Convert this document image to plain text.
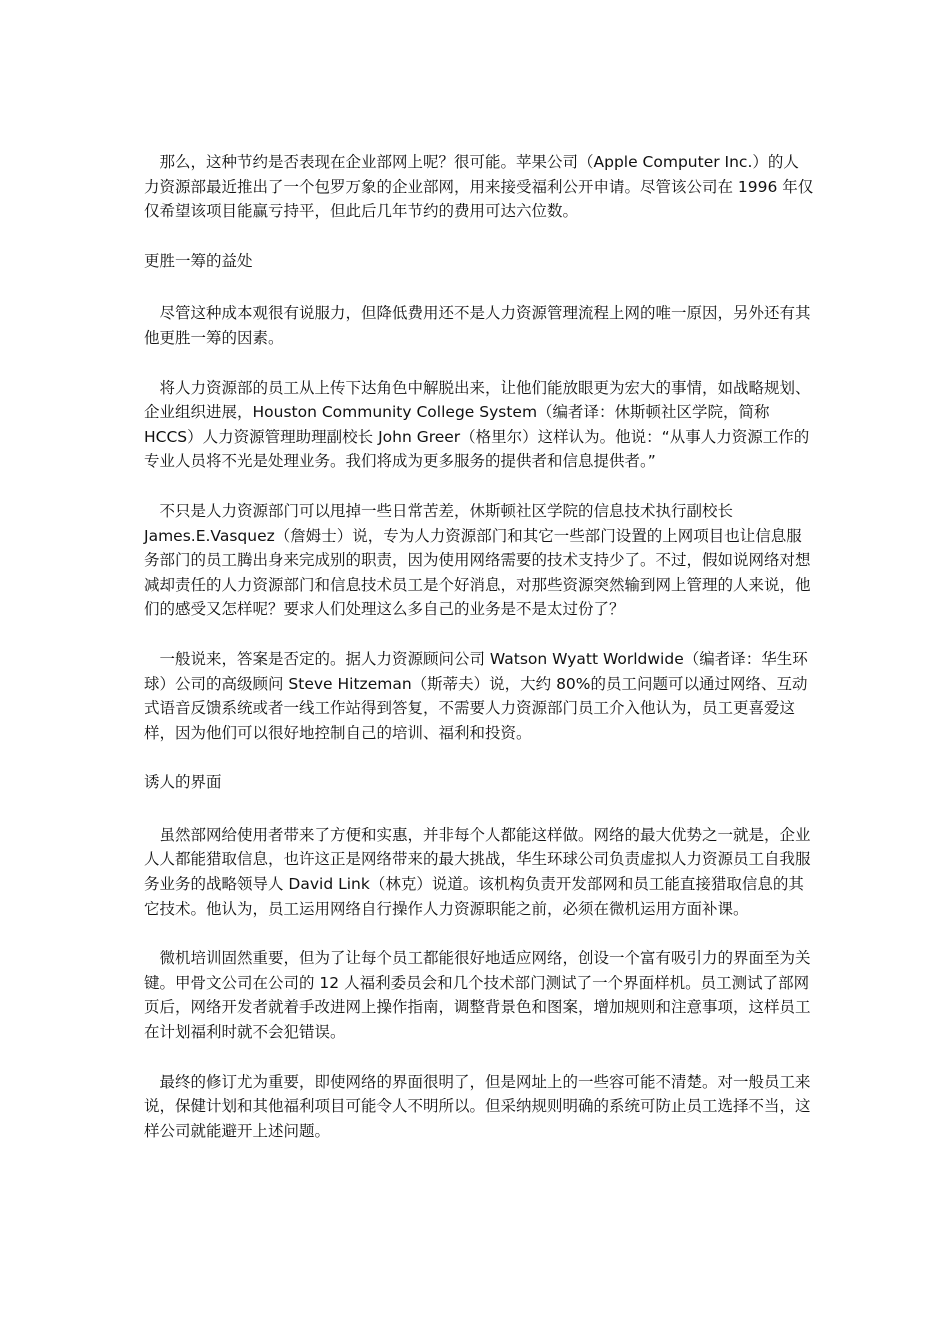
　那么，这种节约是否表现在企业部网上呢？很可能。苹果公司（Apple Computer Inc.）的人力资源部最近推出了一个包罗万象的企业部网，用来接受福利公开申请。尽管该公司在 1996 年仅仅希望该项目能赢亏持平，但此后几年节约的费用可达六位数。

更胜一筹的益处

　尽管这种成本观很有说服力，但降低费用还不是人力资源管理流程上网的唯一原因，另外还有其他更胜一筹的因素。

　将人力资源部的员工从上传下达角色中解脱出来，让他们能放眼更为宏大的事情，如战略规划、企业组织进展，Houston Community College System（编者译：休斯顿社区学院，简称 HCCS）人力资源管理助理副校长 John Greer（格里尔）这样认为。他说：“从事人力资源工作的专业人员将不光是处理业务。我们将成为更多服务的提供者和信息提供者。”

　不只是人力资源部门可以甩掉一些日常苦差，休斯顿社区学院的信息技术执行副校长 James.E.Vasquez（詹姆士）说，专为人力资源部门和其它一些部门设置的上网项目也让信息服务部门的员工腾出身来完成别的职责，因为使用网络需要的技术支持少了。不过，假如说网络对想减却责任的人力资源部门和信息技术员工是个好消息，对那些资源突然输到网上管理的人来说，他们的感受又怎样呢？要求人们处理这么多自己的业务是不是太过份了？

　一般说来，答案是否定的。据人力资源顾问公司 Watson Wyatt Worldwide（编者译：华生环球）公司的高级顾问 Steve Hitzeman（斯蒂夫）说，大约 80%的员工问题可以通过网络、互动式语音反馈系统或者一线工作站得到答复，不需要人力资源部门员工介入他认为，员工更喜爱这样，因为他们可以很好地控制自己的培训、福利和投资。

诱人的界面

　虽然部网给使用者带来了方便和实惠，并非每个人都能这样做。网络的最大优势之一就是，企业人人都能猎取信息，也许这正是网络带来的最大挑战，华生环球公司负责虚拟人力资源员工自我服务业务的战略领导人 David Link（林克）说道。该机构负责开发部网和员工能直接猎取信息的其它技术。他认为，员工运用网络自行操作人力资源职能之前，必须在微机运用方面补课。

　微机培训固然重要，但为了让每个员工都能很好地适应网络，创设一个富有吸引力的界面至为关键。甲骨文公司在公司的 12 人福利委员会和几个技术部门测试了一个界面样机。员工测试了部网页后，网络开发者就着手改进网上操作指南，调整背景色和图案，增加规则和注意事项，这样员工在计划福利时就不会犯错误。

　最终的修订尤为重要，即使网络的界面很明了，但是网址上的一些容可能不清楚。对一般员工来说，保健计划和其他福利项目可能令人不明所以。但采纳规则明确的系统可防止员工选择不当，这样公司就能避开上述问题。
